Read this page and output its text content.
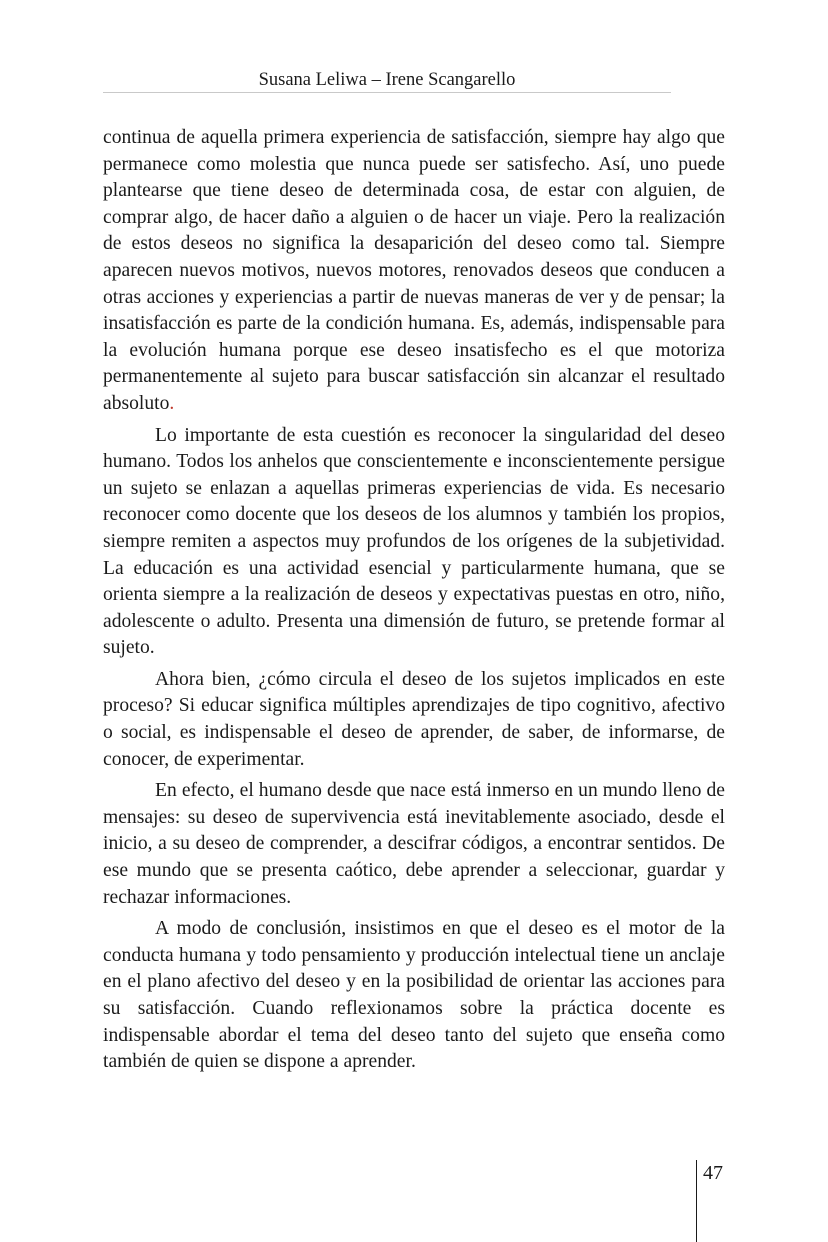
Susana Leliwa – Irene Scangarello

continua de aquella primera experiencia de satisfacción, siempre hay algo que permanece como molestia que nunca puede ser satisfecho. Así, uno puede plantearse que tiene deseo de determinada cosa, de estar con alguien, de comprar algo, de hacer daño a alguien o de hacer un viaje. Pero la realización de estos deseos no significa la desaparición del deseo como tal. Siempre aparecen nuevos motivos, nuevos motores, renovados deseos que conducen a otras acciones y experiencias a partir de nuevas maneras de ver y de pensar; la insatisfacción es parte de la condición humana. Es, además, indispensable para la evolución humana porque ese deseo insatisfecho es el que motoriza permanentemente al sujeto para buscar satisfacción sin alcanzar el resultado absoluto.

Lo importante de esta cuestión es reconocer la singularidad del deseo humano. Todos los anhelos que conscientemente e inconscientemente persigue un sujeto se enlazan a aquellas primeras experiencias de vida. Es necesario reconocer como docente que los deseos de los alumnos y también los propios, siempre remiten a aspectos muy profundos de los orígenes de la subjetividad. La educación es una actividad esencial y particularmente humana, que se orienta siempre a la realización de deseos y expectativas puestas en otro, niño, adolescente o adulto. Presenta una dimensión de futuro, se pretende formar al sujeto.

Ahora bien, ¿cómo circula el deseo de los sujetos implicados en este proceso? Si educar significa múltiples aprendizajes de tipo cognitivo, afectivo o social, es indispensable el deseo de aprender, de saber, de informarse, de conocer, de experimentar.

En efecto, el humano desde que nace está inmerso en un mundo lleno de mensajes: su deseo de supervivencia está inevitablemente asociado, desde el inicio, a su deseo de comprender, a descifrar códigos, a encontrar sentidos. De ese mundo que se presenta caótico, debe aprender a seleccionar, guardar y rechazar informaciones.

A modo de conclusión, insistimos en que el deseo es el motor de la conducta humana y todo pensamiento y producción intelectual tiene un anclaje en el plano afectivo del deseo y en la posibilidad de orientar las acciones para su satisfacción. Cuando reflexionamos sobre la práctica docente es indispensable abordar el tema del deseo tanto del sujeto que enseña como también de quien se dispone a aprender.

47
